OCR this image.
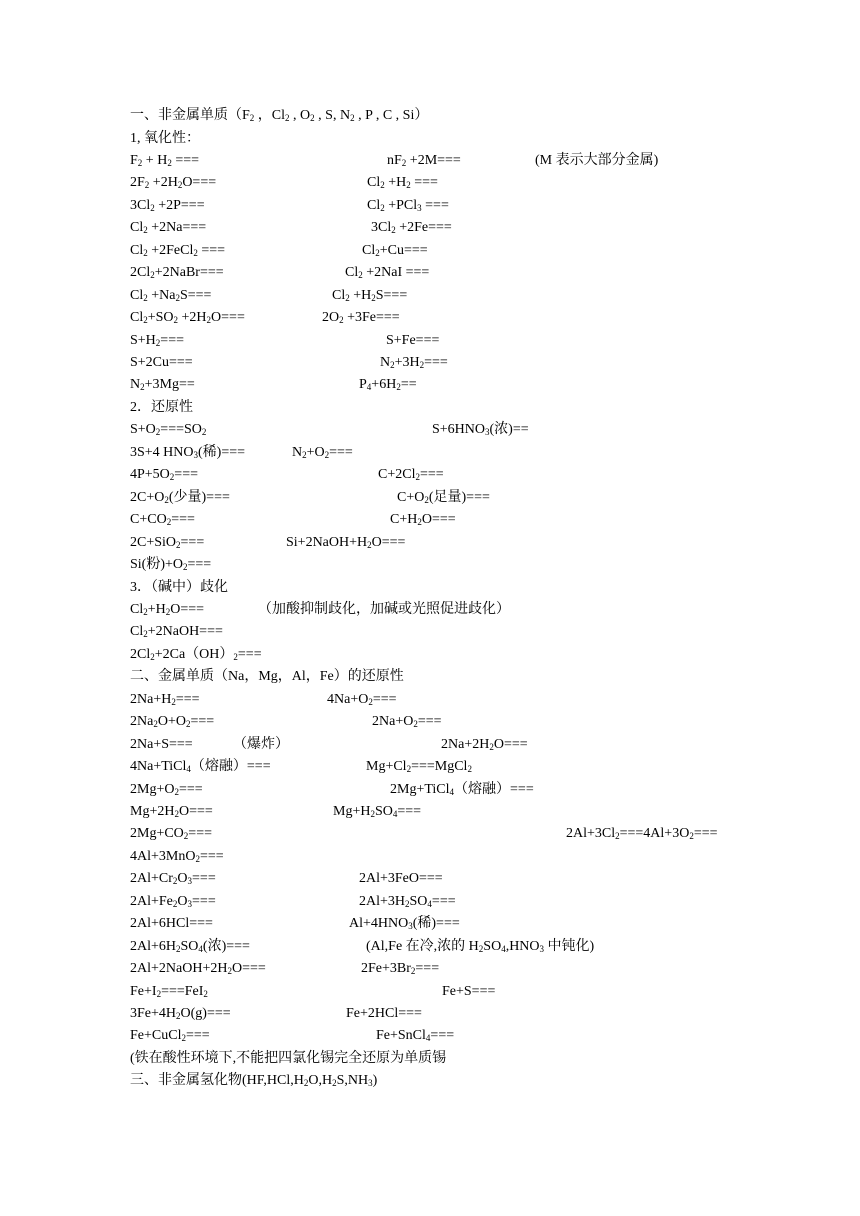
一、非金属单质（$F_2$ ，$Cl_2$ , $O_2$ , S, $N_2$ , P , C , Si）
1, 氧化性：
$F_2 + H_2$ ===	$nF_2 +2M===$	(M 表示大部分金属)
$2F_2 +2H_2O===$	$Cl_2 +H_2$ ===
$3Cl_2 +2P===$	$Cl_2 +PCl_3$ ===
$Cl_2 +2Na===$	$3Cl_2 +2Fe===$
$Cl_2$ +2FeCl$_2$ ===	$Cl_2+Cu===$
$2Cl_2+2NaBr===$	$Cl_2 +2NaI$ ===
$Cl_2 +Na_2S===$	$Cl_2 +H_2S===$
$Cl_2+SO_2 +2H_2O===$	$2O_2 +3Fe===$
$S+H_2===$	S+Fe===
S+2Cu===	$N_2+3H_2===$
$N_2+3Mg==$	$P_4+6H_2==$
2．还原性
$S+O_2===SO_2$	$S+6HNO_3$(浓)==
3S+4 $HNO_3$(稀)===	$N_2+O_2===$
$4P+5O_2===$	$C+2Cl_2===$
$2C+O_2$(少量)===	$C+O_2$(足量)===
$C+CO_2===$	$C+H_2O===$
2C+SiO$_2$===	$Si+2NaOH+H_2O===$
Si(粉)$+O_2===$
3．（碱中）歧化
$Cl_2+H_2O===$	（加酸抑制歧化，加碱或光照促进歧化）
$Cl_2+2NaOH===$
$2Cl_2+2Ca(OH)_2===$
二、金属单质（Na，Mg，Al，Fe）的还原性
$2Na+H_2===$	$4Na+O_2===$
$2Na_2O+O_2===$	$2Na+O_2===$
2Na+S===	（爆炸）	$2Na+2H_2O===$
4Na+TiCl$_4$（熔融）===	$Mg+Cl_2===MgCl_2$
$2Mg+O_2===$	2Mg+TiCl$_4$（熔融）===
$Mg+2H_2O===$	$Mg+H_2SO_4===$
$2Mg+CO_2===$	$2Al+3Cl_2===4Al+3O_2===$
4Al+3MnO$_2$===
$2Al+Cr_2O_3===$	2Al+3FeO===
$2Al+Fe_2O_3===$	$2Al+3H_2SO_4===$
2Al+6HCl===	$Al+4HNO_3$(稀)===
$2Al+6H_2SO_4$(浓)===	(Al,Fe 在冷,浓的 $H_2SO_4,HNO_3$ 中钝化)
$2Al+2NaOH+2H_2O===$	$2Fe+3Br_2===$
$Fe+I_2===FeI_2$	Fe+S===
$3Fe+4H_2O(g)===$	Fe+2HCl===
Fe+CuCl$_2$===	Fe+SnCl$_4$===
(铁在酸性环境下,不能把四氯化锡完全还原为单质锡
三、非金属氢化物$(HF,HCl,H_2O,H_2S,NH_3)$
